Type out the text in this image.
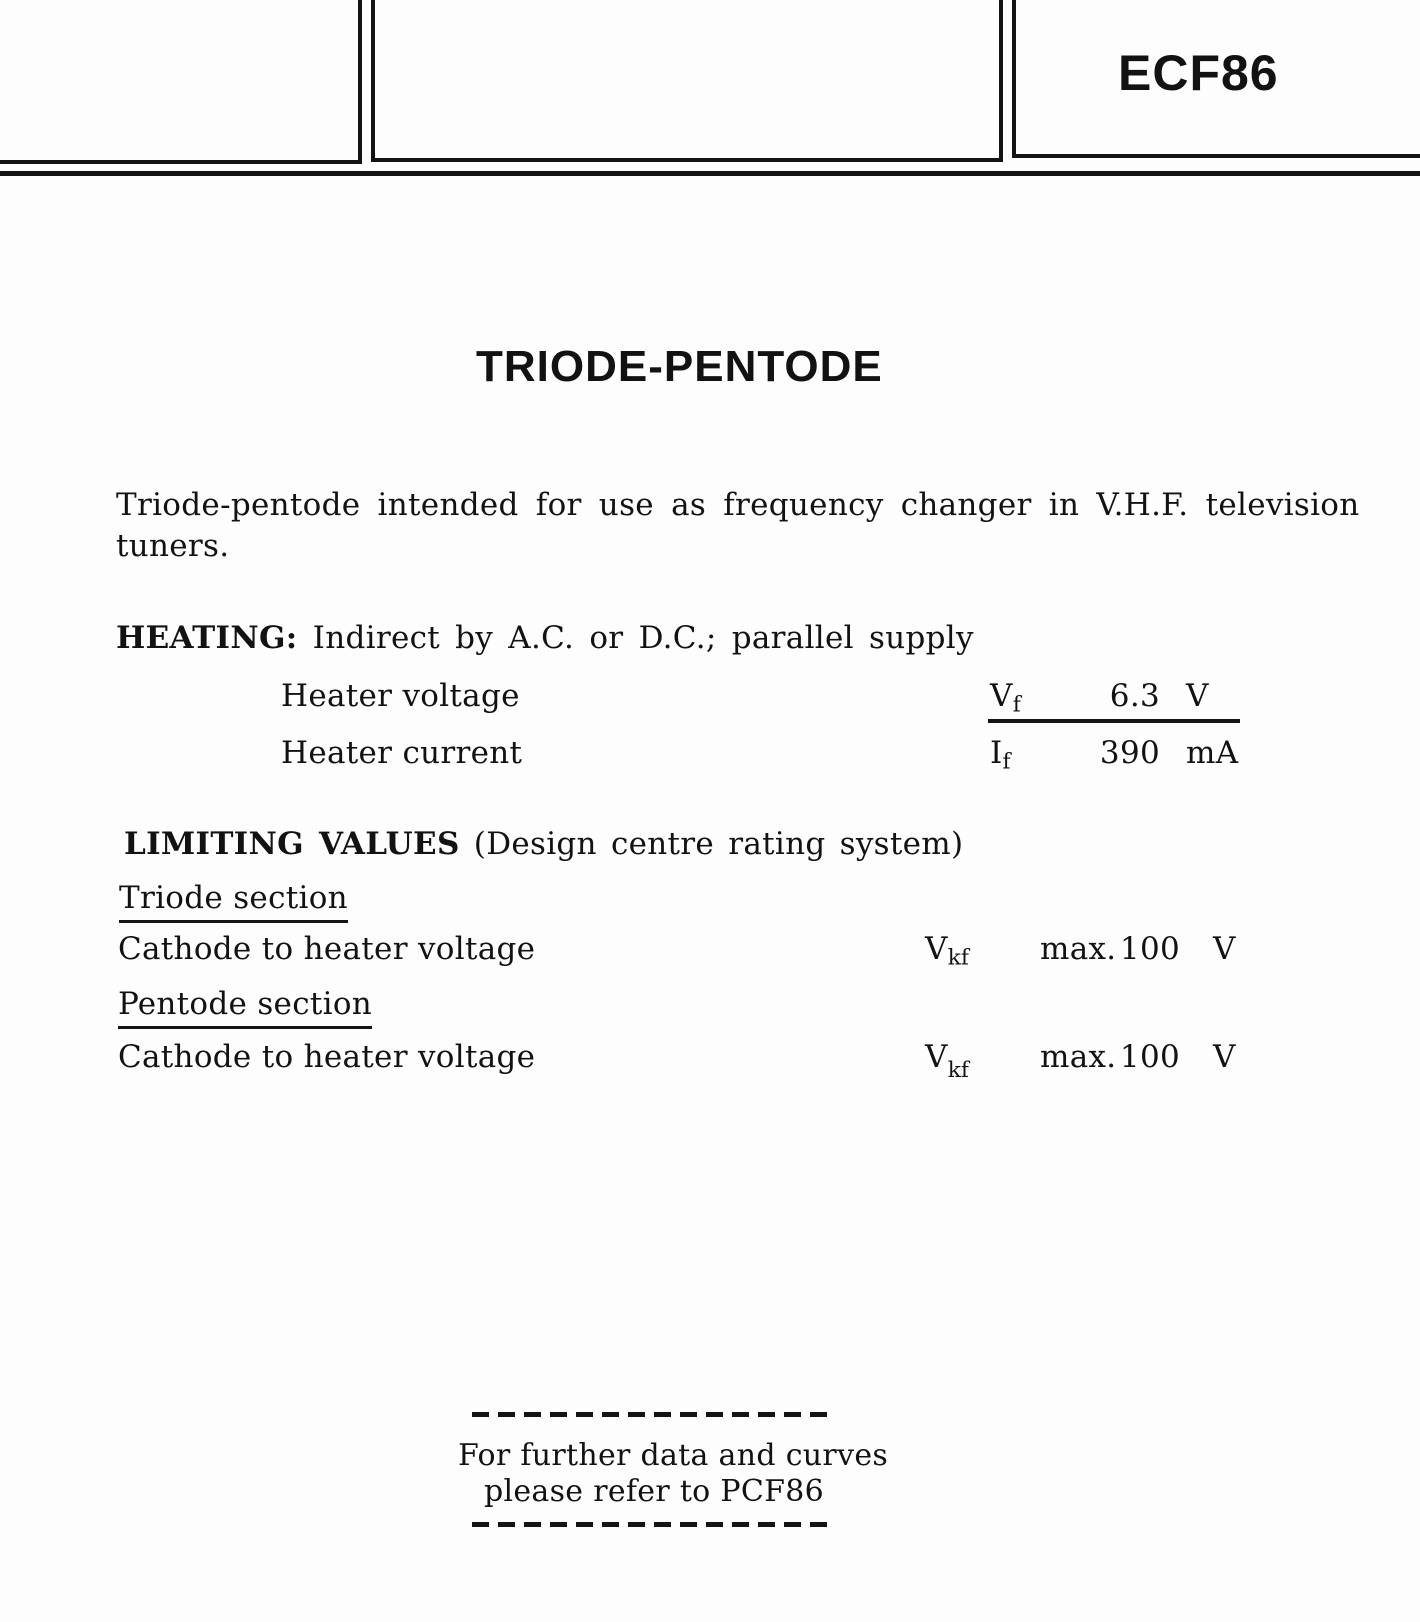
ECF86
TRIODE-PENTODE
Triode-pentode intended for use as frequency changer in V.H.F. television
tuners.
HEATING: Indirect by A.C. or D.C.; parallel supply
Heater voltage	$V_f$	6.3 V
Heater current	$I_f$	390 mA
LIMITING VALUES (Design centre rating system)
Triode section
Cathode to heater voltage	$V_{kf}$ max. 100 V
Pentode section
Cathode to heater voltage	$V_{kf}$ max. 100 V
For further data and curves
please refer to PCF86
